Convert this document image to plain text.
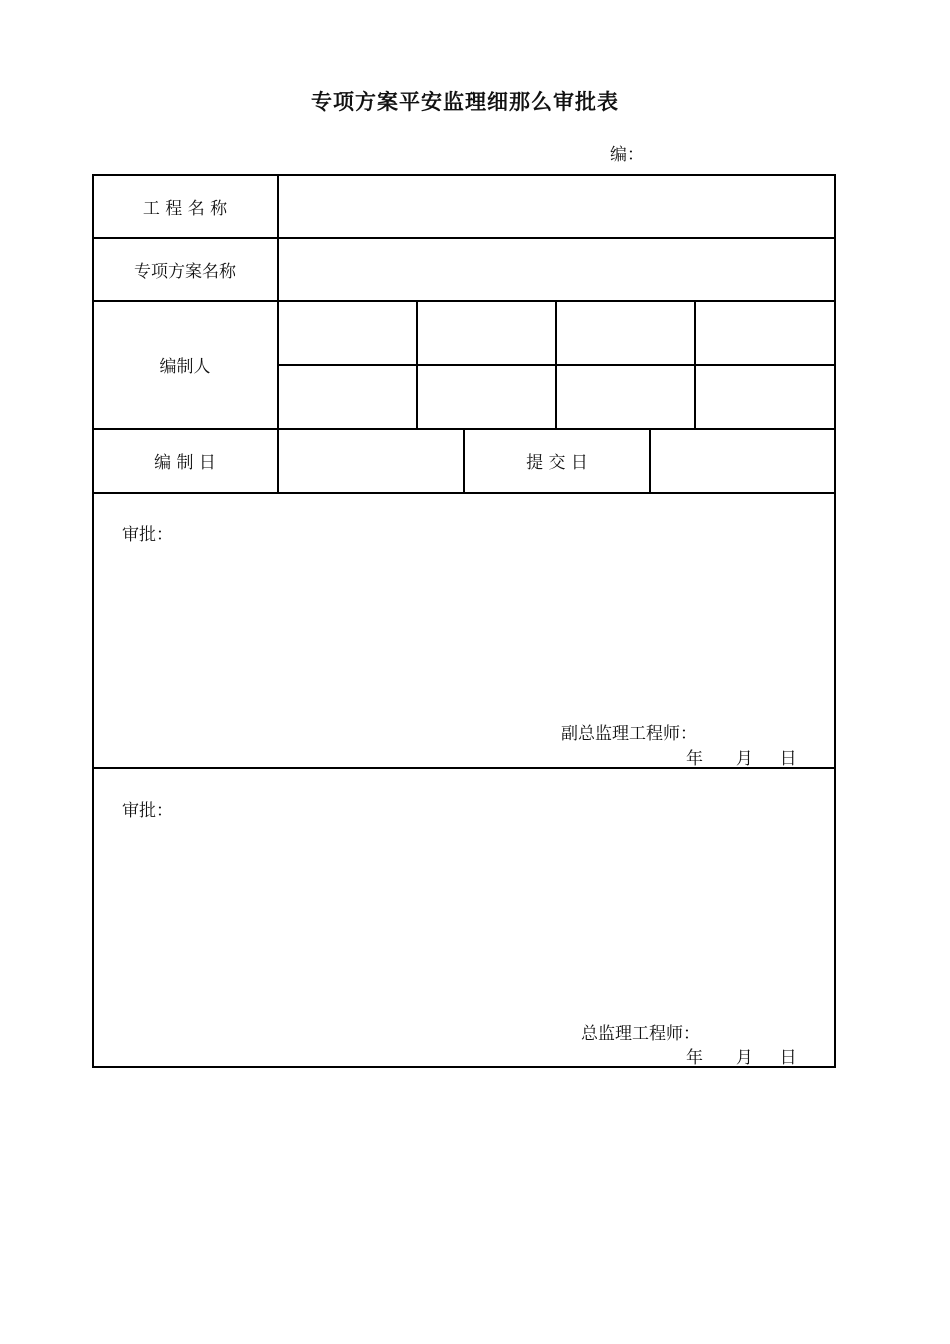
专项方案平安监理细那么审批表
编：
工 程 名 称
专项方案名称
编制人
编 制 日	提 交 日
审批：
副总监理工程师：
年 月 日
审批：
总监理工程师：
年 月 日
